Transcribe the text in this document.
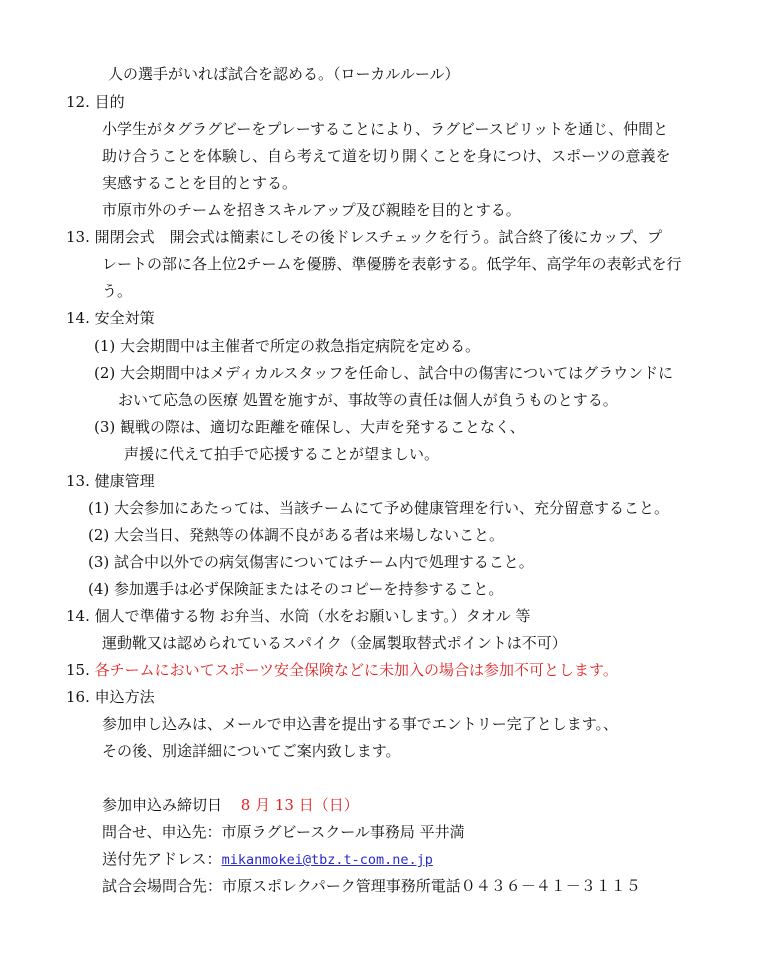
人の選手がいれば試合を認める。（ローカルルール）
12. 目的
小学生がタグラグビーをプレーすることにより、ラグビースピリットを通じ、仲間と
助け合うことを体験し、自ら考えて道を切り開くことを身につけ、スポーツの意義を
実感することを目的とする。
市原市外のチームを招きスキルアップ及び親睦を目的とする。
13. 開閉会式　開会式は簡素にしその後ドレスチェックを行う。試合終了後にカップ、プ
レートの部に各上位2チームを優勝、準優勝を表彰する。低学年、高学年の表彰式を行
う。
14. 安全対策
(1) 大会期間中は主催者で所定の救急指定病院を定める。
(2) 大会期間中はメディカルスタッフを任命し、試合中の傷害についてはグラウンドに
おいて応急の医療 処置を施すが、事故等の責任は個人が負うものとする。
(3) 観戦の際は、適切な距離を確保し、大声を発することなく、
声援に代えて拍手で応援することが望ましい。
13. 健康管理
(1) 大会参加にあたっては、当該チームにて予め健康管理を行い、充分留意すること。
(2) 大会当日、発熱等の体調不良がある者は来場しないこと。
(3) 試合中以外での病気傷害についてはチーム内で処理すること。
(4) 参加選手は必ず保険証またはそのコピーを持参すること。
14. 個人で準備する物 お弁当、水筒（水をお願いします。）タオル 等
運動靴又は認められているスパイク（金属製取替式ポイントは不可）
15. 各チームにおいてスポーツ安全保険などに未加入の場合は参加不可とします。
16. 申込方法
参加申し込みは、メールで申込書を提出する事でエントリー完了とします。、
その後、別途詳細についてご案内致します。
参加申込み締切日 8 月 13 日（日）
問合せ、申込先：市原ラグビースクール事務局 平井満
送付先アドレス：mikanmokei@tbz.t-com.ne.jp
試合会場問合先：市原スポレクパーク管理事務所電話０４３６－４１－３１１５
